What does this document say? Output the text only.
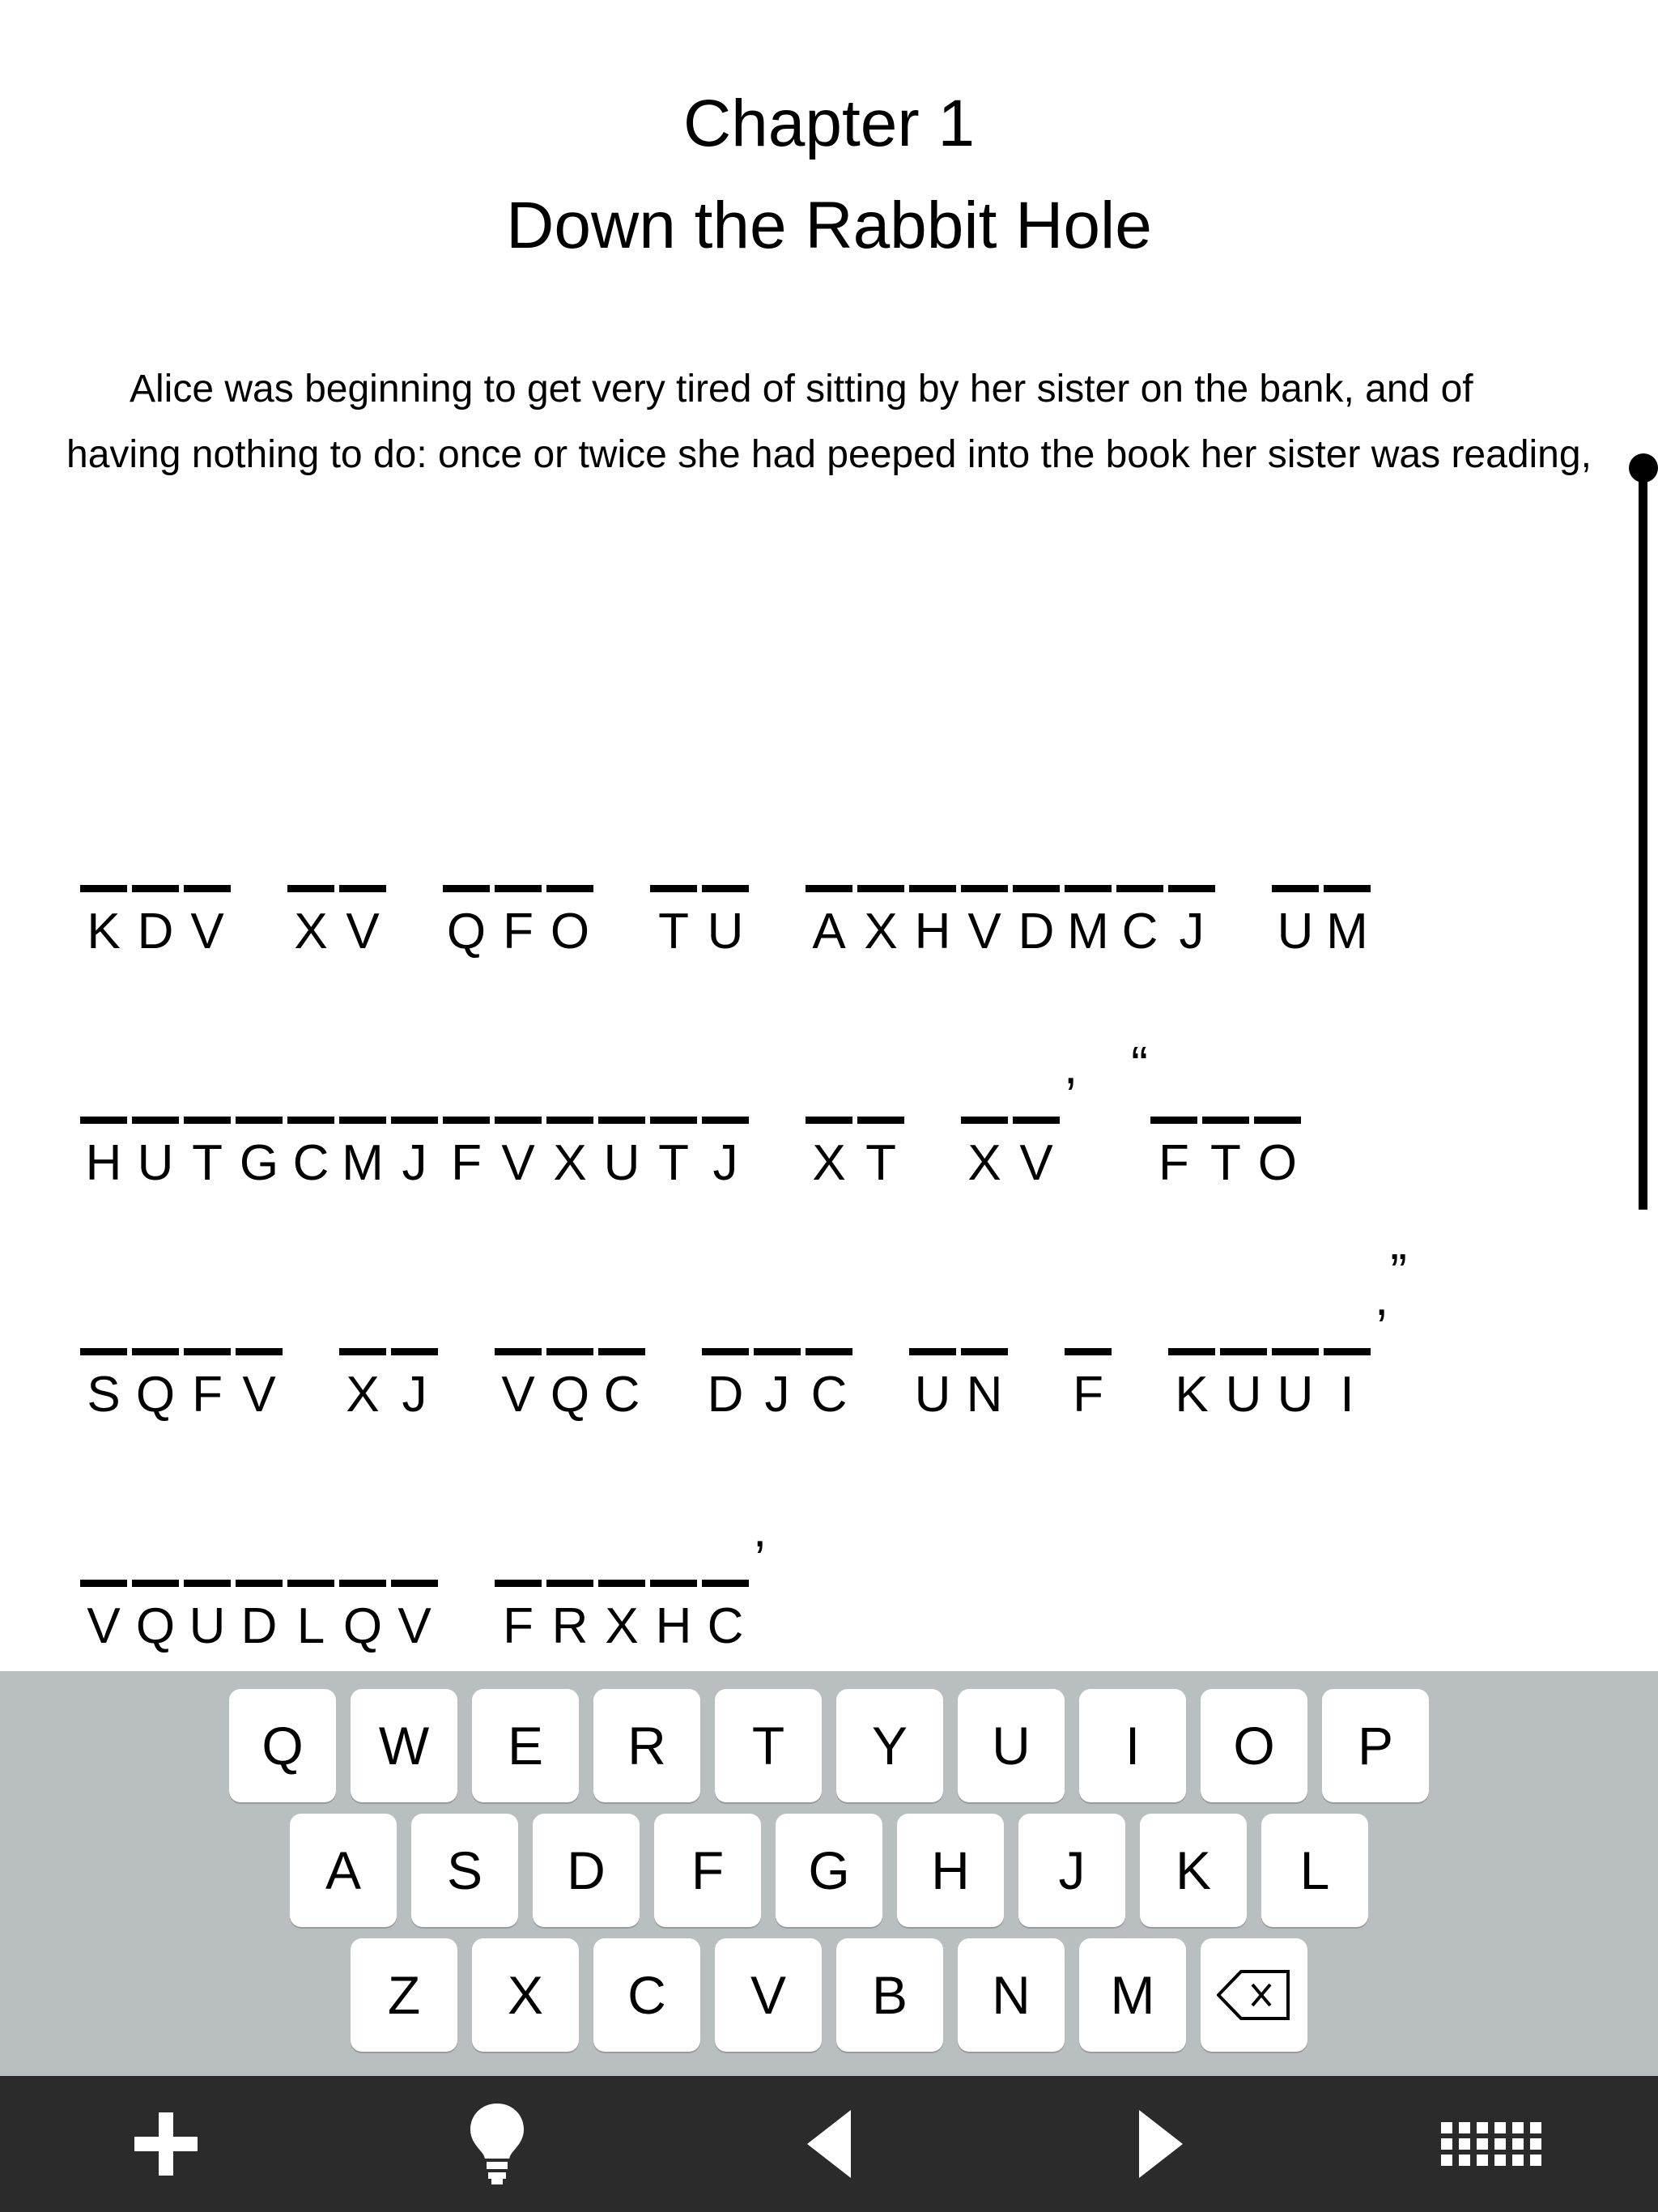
Chapter 1
Down the Rabbit Hole
Alice was beginning to get very tired of sitting by her sister on the bank, and of having nothing to do: once or twice she had peeped into the book her sister was reading,
K D V X V Q F O T U A X H V D M C J U M
H U T G C M J F V X U T J X T X V
, “
F T O
S Q F V X J V Q C D J C U N F K U U I
, ”
V Q U D L Q V F R X H C
,
Q	W	E	R	T	Y	U	I	O	P
A	S	D	F	G	H	J	K	L
Z	X	C	V	B	N	M
